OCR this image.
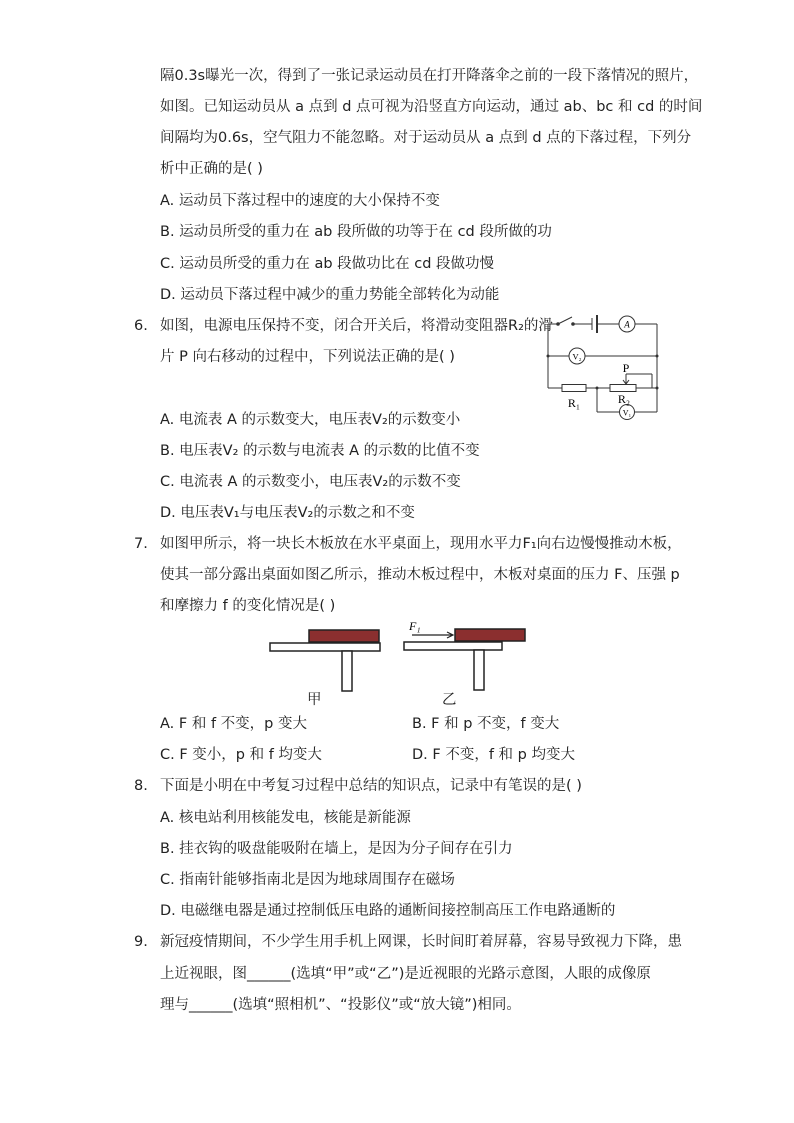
隔0.3s曝光一次，得到了一张记录运动员在打开降落伞之前的一段下落情况的照片，
如图。已知运动员从 a 点到 d 点可视为沿竖直方向运动，通过 ab、bc 和 cd 的时间
间隔均为0.6s，空气阻力不能忽略。对于运动员从 a 点到 d 点的下落过程，下列分
析中正确的是( )
A. 运动员下落过程中的速度的大小保持不变
B. 运动员所受的重力在 ab 段所做的功等于在 cd 段所做的功
C. 运动员所受的重力在 ab 段做功比在 cd 段做功慢
D. 运动员下落过程中减少的重力势能全部转化为动能
6. 如图，电源电压保持不变，闭合开关后，将滑动变阻器R₂的滑
片 P 向右移动的过程中，下列说法正确的是( )
A
V₂
V₁
R₁	R₂
P
A. 电流表 A 的示数变大，电压表V₂的示数变小
B. 电压表V₂ 的示数与电流表 A 的示数的比值不变
C. 电流表 A 的示数变小，电压表V₂的示数不变
D. 电压表V₁与电压表V₂的示数之和不变
7. 如图甲所示，将一块长木板放在水平桌面上，现用水平力F₁向右边慢慢推动木板，
使其一部分露出桌面如图乙所示，推动木板过程中，木板对桌面的压力 F、压强 p
和摩擦力 f 的变化情况是( )
甲
F₁
乙
A. F 和 f 不变，p 变大	B. F 和 p 不变，f 变大
C. F 变小，p 和 f 均变大	D. F 不变，f 和 p 均变大
8. 下面是小明在中考复习过程中总结的知识点，记录中有笔误的是( )
A. 核电站利用核能发电，核能是新能源
B. 挂衣钩的吸盘能吸附在墙上，是因为分子间存在引力
C. 指南针能够指南北是因为地球周围存在磁场
D. 电磁继电器是通过控制低压电路的通断间接控制高压工作电路通断的
9. 新冠疫情期间，不少学生用手机上网课，长时间盯着屏幕，容易导致视力下降，患
上近视眼，图______(选填“甲”或“乙”)是近视眼的光路示意图，人眼的成像原
理与______(选填“照相机”、“投影仪”或“放大镜”)相同。
